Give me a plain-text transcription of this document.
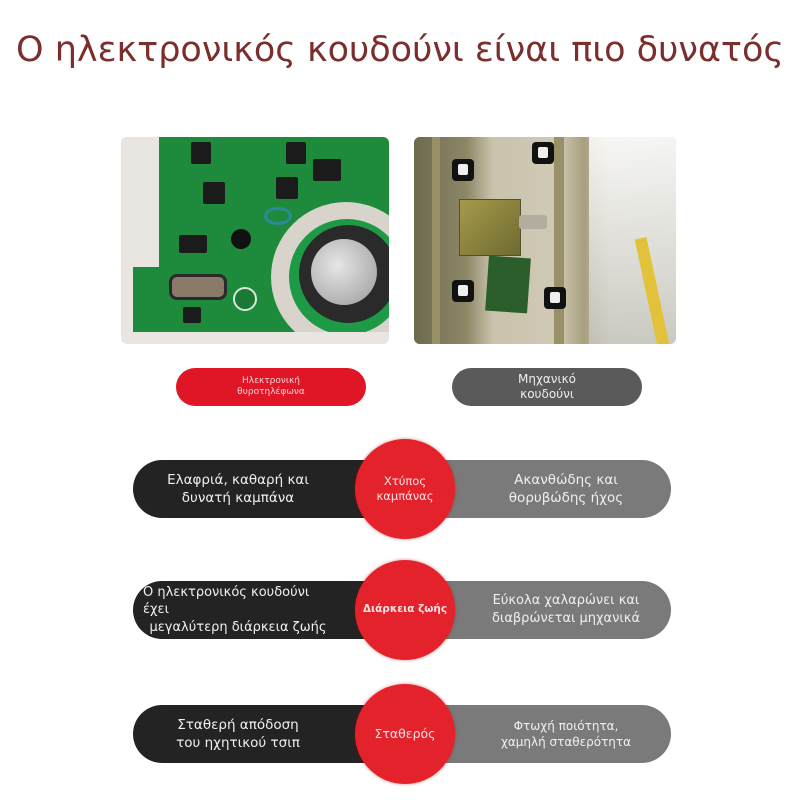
Ο ηλεκτρονικός κουδούνι είναι πιο δυνατός
Ηλεκτρονική
θυροτηλέφωνα
Μηχανικό
κουδούνι
Ελαφριά, καθαρή και
δυνατή καμπάνα
Ακανθώδης και
θορυβώδης ήχος
Χτύπος
καμπάνας
Ο ηλεκτρονικός κουδούνι έχει
μεγαλύτερη διάρκεια ζωής
Εύκολα χαλαρώνει και
διαβρώνεται μηχανικά
Διάρκεια ζωής
Σταθερή απόδοση
του ηχητικού τσιπ
Φτωχή ποιότητα,
χαμηλή σταθερότητα
Σταθερός
